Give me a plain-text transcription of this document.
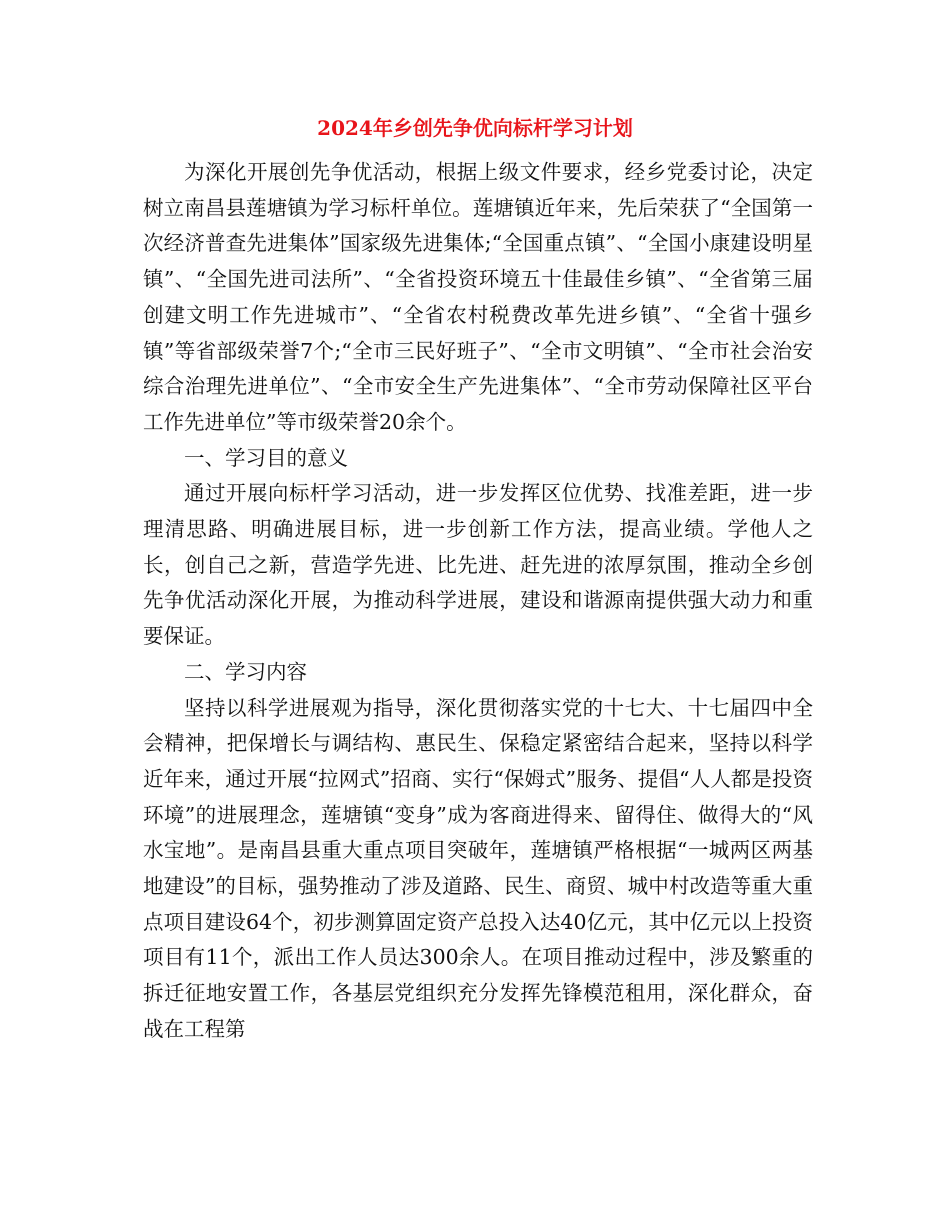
2024年乡创先争优向标杆学习计划

为深化开展创先争优活动，根据上级文件要求，经乡党委讨论，决定树立南昌县莲塘镇为学习标杆单位。莲塘镇近年来，先后荣获了“全国第一次经济普查先进集体”国家级先进集体;“全国重点镇”、“全国小康建设明星镇”、“全国先进司法所”、“全省投资环境五十佳最佳乡镇”、“全省第三届创建文明工作先进城市”、“全省农村税费改革先进乡镇”、“全省十强乡镇”等省部级荣誉7个;“全市三民好班子”、“全市文明镇”、“全市社会治安综合治理先进单位”、“全市安全生产先进集体”、“全市劳动保障社区平台工作先进单位”等市级荣誉20余个。

一、学习目的意义

通过开展向标杆学习活动，进一步发挥区位优势、找准差距，进一步理清思路、明确进展目标，进一步创新工作方法，提高业绩。学他人之长，创自己之新，营造学先进、比先进、赶先进的浓厚氛围，推动全乡创先争优活动深化开展，为推动科学进展，建设和谐源南提供强大动力和重要保证。

二、学习内容

坚持以科学进展观为指导，深化贯彻落实党的十七大、十七届四中全会精神，把保增长与调结构、惠民生、保稳定紧密结合起来，坚持以科学近年来，通过开展“拉网式”招商、实行“保姆式”服务、提倡“人人都是投资环境”的进展理念，莲塘镇“变身”成为客商进得来、留得住、做得大的“风水宝地”。是南昌县重大重点项目突破年，莲塘镇严格根据“一城两区两基地建设”的目标，强势推动了涉及道路、民生、商贸、城中村改造等重大重点项目建设64个，初步测算固定资产总投入达40亿元，其中亿元以上投资项目有11个，派出工作人员达300余人。在项目推动过程中，涉及繁重的拆迁征地安置工作，各基层党组织充分发挥先锋模范租用，深化群众，奋战在工程第
